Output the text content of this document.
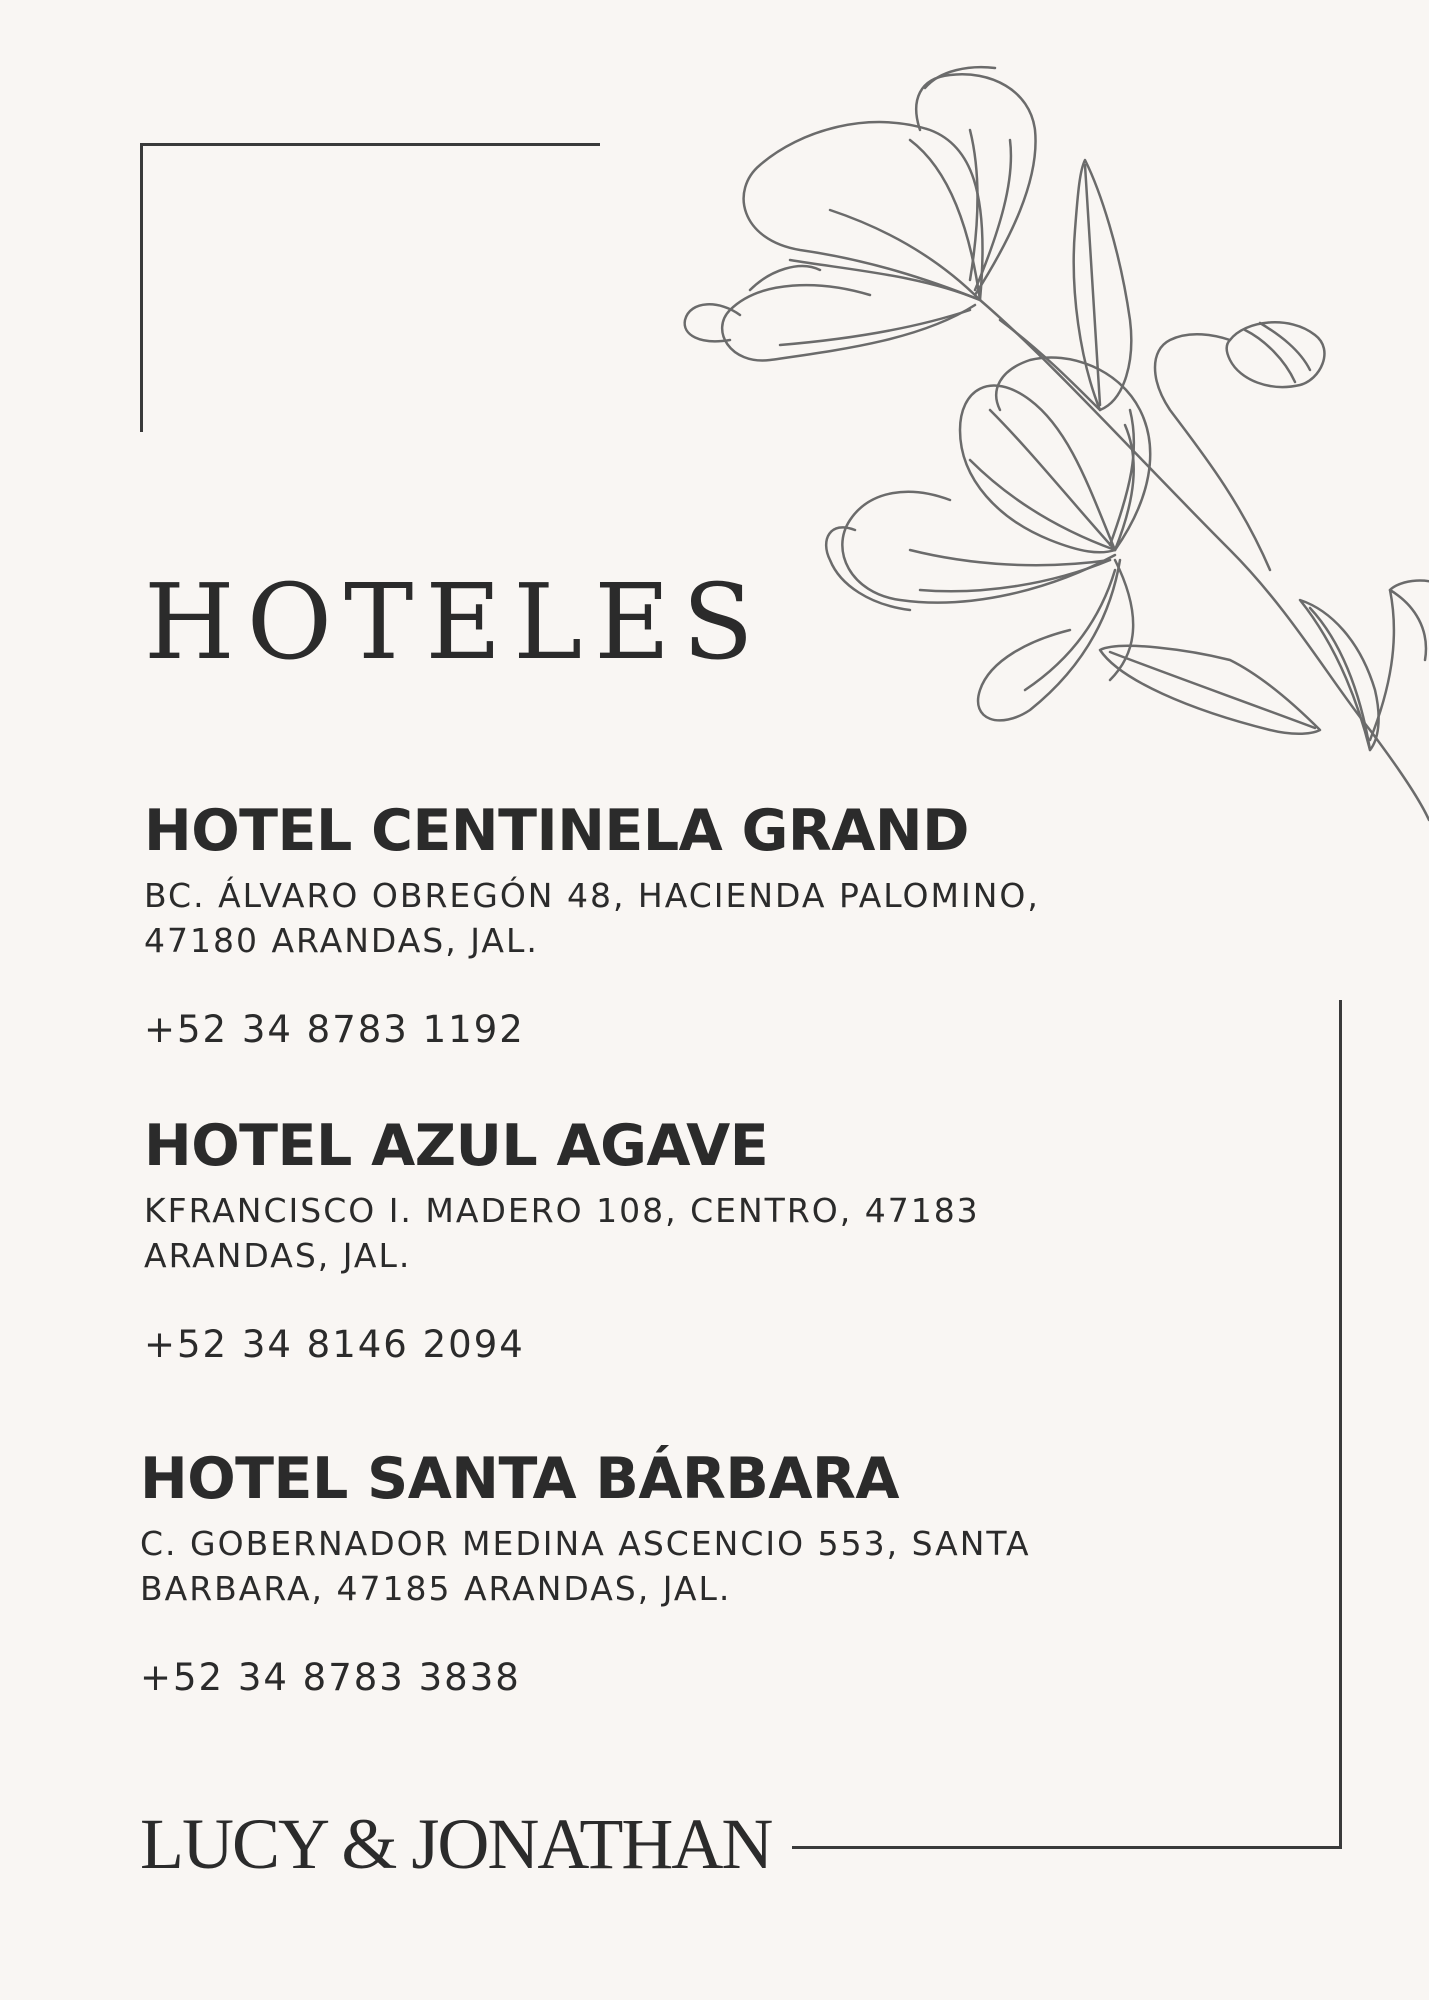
HOTELES
HOTEL CENTINELA GRAND

BC. ÁLVARO OBREGÓN 48, HACIENDA PALOMINO,
47180 ARANDAS, JAL.

+52 34 8783 1192

HOTEL AZUL AGAVE

KFRANCISCO I. MADERO 108, CENTRO, 47183
ARANDAS, JAL.

+52 34 8146 2094

HOTEL SANTA BÁRBARA

C. GOBERNADOR MEDINA ASCENCIO 553, SANTA
BARBARA, 47185 ARANDAS, JAL.

+52 34 8783 3838

LUCY & JONATHAN
